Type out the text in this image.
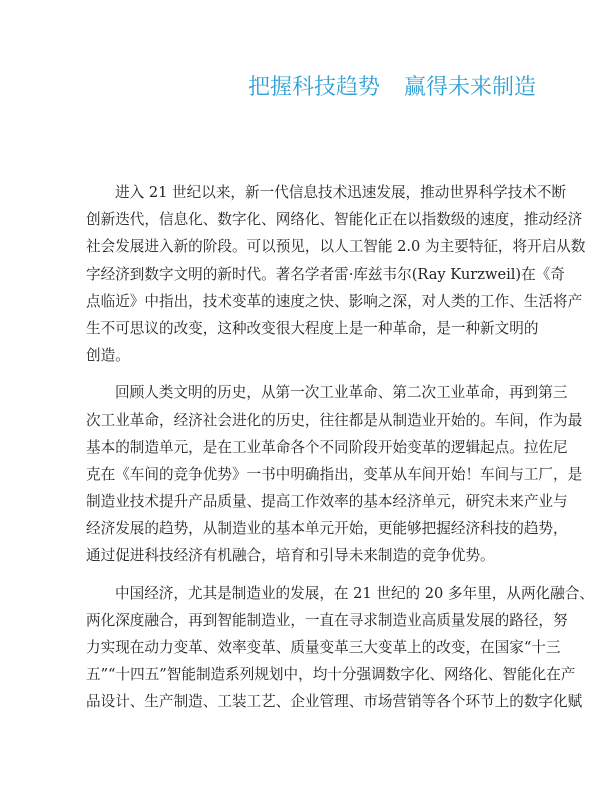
把握科技趋势 赢得未来制造
进入 21 世纪以来，新一代信息技术迅速发展，推动世界科学技术不断
创新迭代，信息化、数字化、网络化、智能化正在以指数级的速度，推动经济
社会发展进入新的阶段。可以预见，以人工智能 2.0 为主要特征，将开启从数
字经济到数字文明的新时代。著名学者雷·库兹韦尔(Ray Kurzweil)在《奇
点临近》中指出，技术变革的速度之快、影响之深，对人类的工作、生活将产
生不可思议的改变，这种改变很大程度上是一种革命，是一种新文明的
创造。
回顾人类文明的历史，从第一次工业革命、第二次工业革命，再到第三
次工业革命，经济社会进化的历史，往往都是从制造业开始的。车间，作为最
基本的制造单元，是在工业革命各个不同阶段开始变革的逻辑起点。拉佐尼
克在《车间的竞争优势》一书中明确指出，变革从车间开始！车间与工厂，是
制造业技术提升产品质量、提高工作效率的基本经济单元，研究未来产业与
经济发展的趋势，从制造业的基本单元开始，更能够把握经济科技的趋势，
通过促进科技经济有机融合，培育和引导未来制造的竞争优势。
中国经济，尤其是制造业的发展，在 21 世纪的 20 多年里，从两化融合、
两化深度融合，再到智能制造业，一直在寻求制造业高质量发展的路径，努
力实现在动力变革、效率变革、质量变革三大变革上的改变，在国家“十三
五”“十四五”智能制造系列规划中，均十分强调数字化、网络化、智能化在产
品设计、生产制造、工装工艺、企业管理、市场营销等各个环节上的数字化赋
